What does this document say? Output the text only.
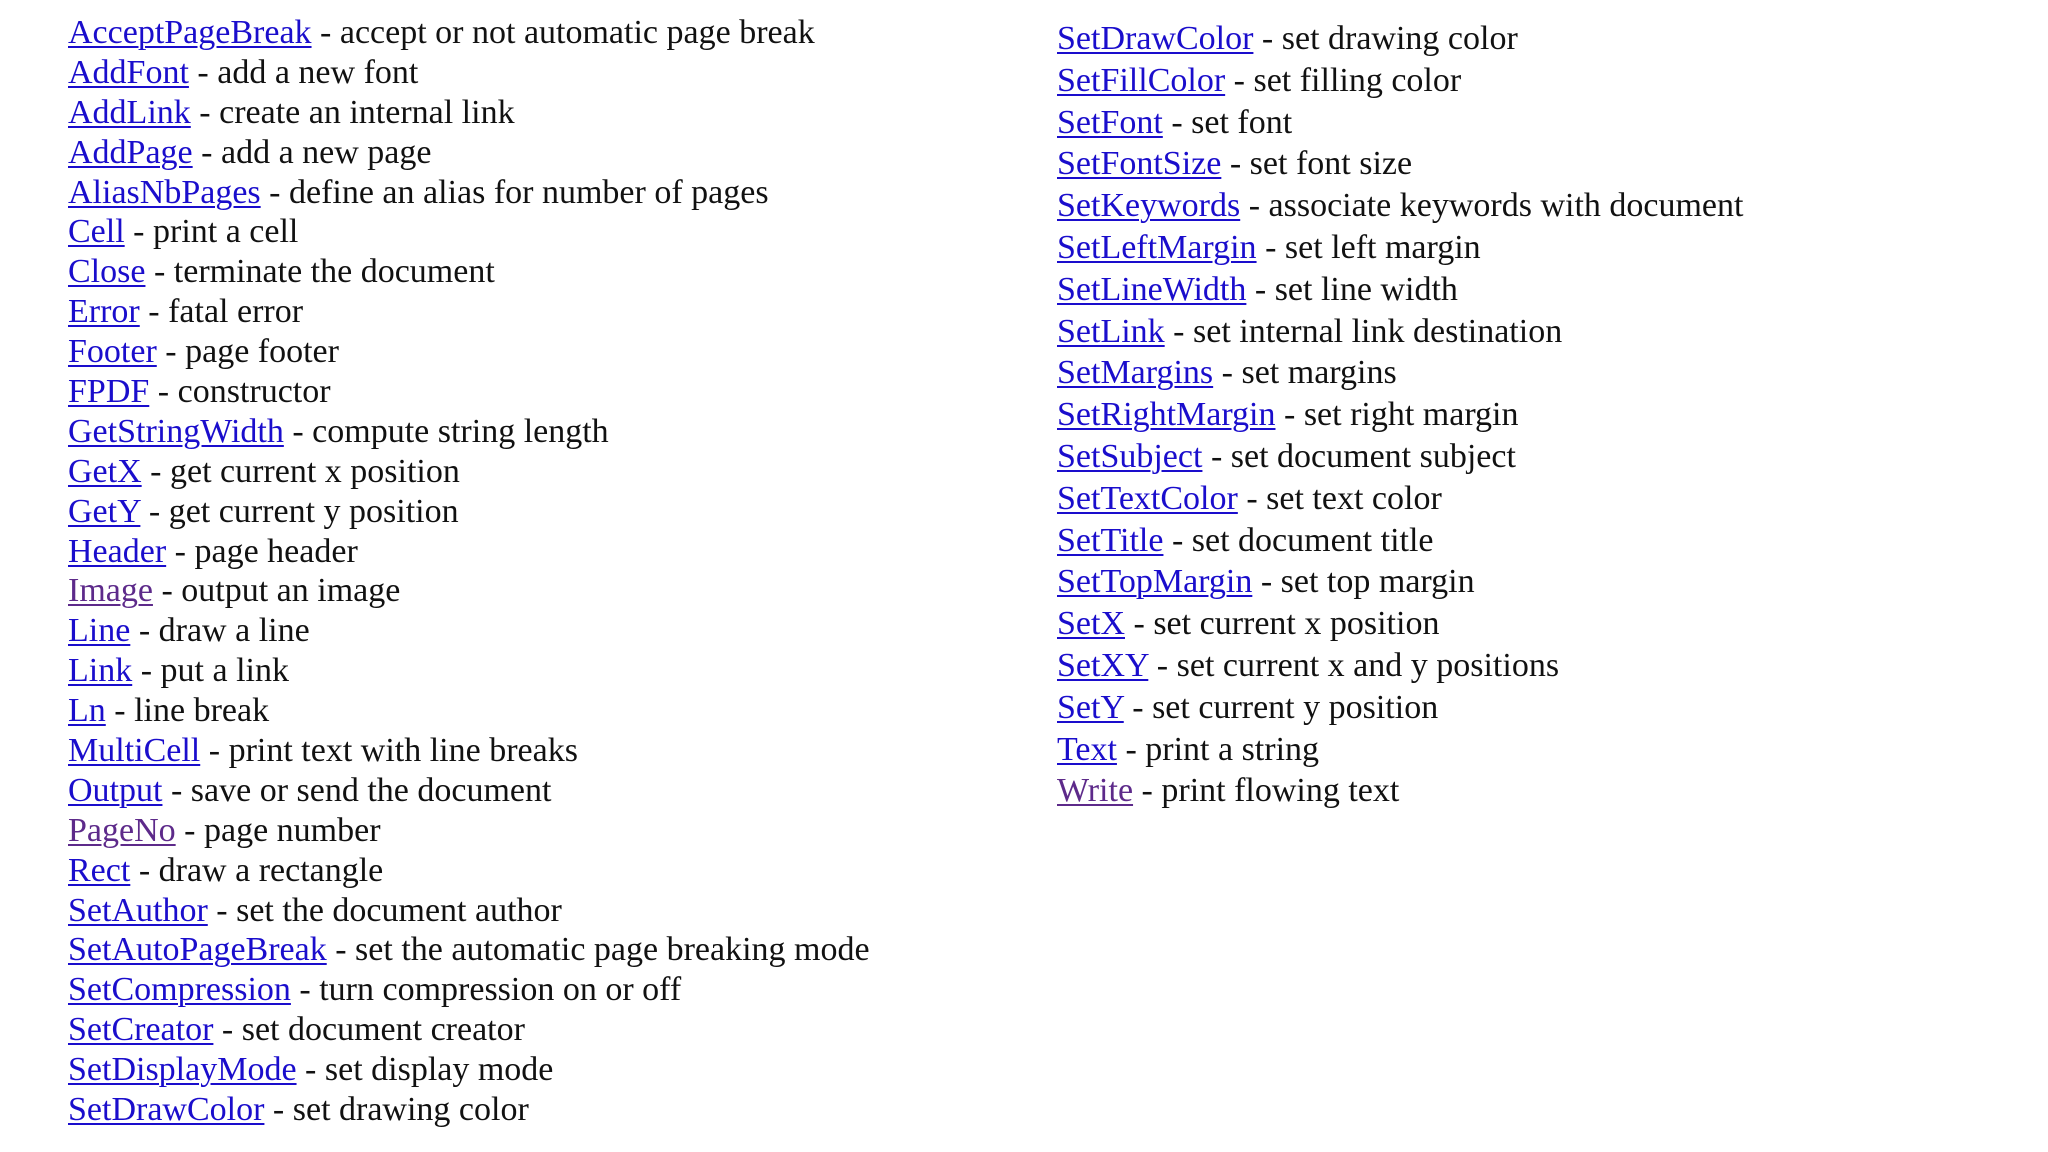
AcceptPageBreak - accept or not automatic page break
AddFont - add a new font
AddLink - create an internal link
AddPage - add a new page
AliasNbPages - define an alias for number of pages
Cell - print a cell
Close - terminate the document
Error - fatal error
Footer - page footer
FPDF - constructor
GetStringWidth - compute string length
GetX - get current x position
GetY - get current y position
Header - page header
Image - output an image
Line - draw a line
Link - put a link
Ln - line break
MultiCell - print text with line breaks
Output - save or send the document
PageNo - page number
Rect - draw a rectangle
SetAuthor - set the document author
SetAutoPageBreak - set the automatic page breaking mode
SetCompression - turn compression on or off
SetCreator - set document creator
SetDisplayMode - set display mode
SetDrawColor - set drawing color
SetDrawColor - set drawing color
SetFillColor - set filling color
SetFont - set font
SetFontSize - set font size
SetKeywords - associate keywords with document
SetLeftMargin - set left margin
SetLineWidth - set line width
SetLink - set internal link destination
SetMargins - set margins
SetRightMargin - set right margin
SetSubject - set document subject
SetTextColor - set text color
SetTitle - set document title
SetTopMargin - set top margin
SetX - set current x position
SetXY - set current x and y positions
SetY - set current y position
Text - print a string
Write - print flowing text
